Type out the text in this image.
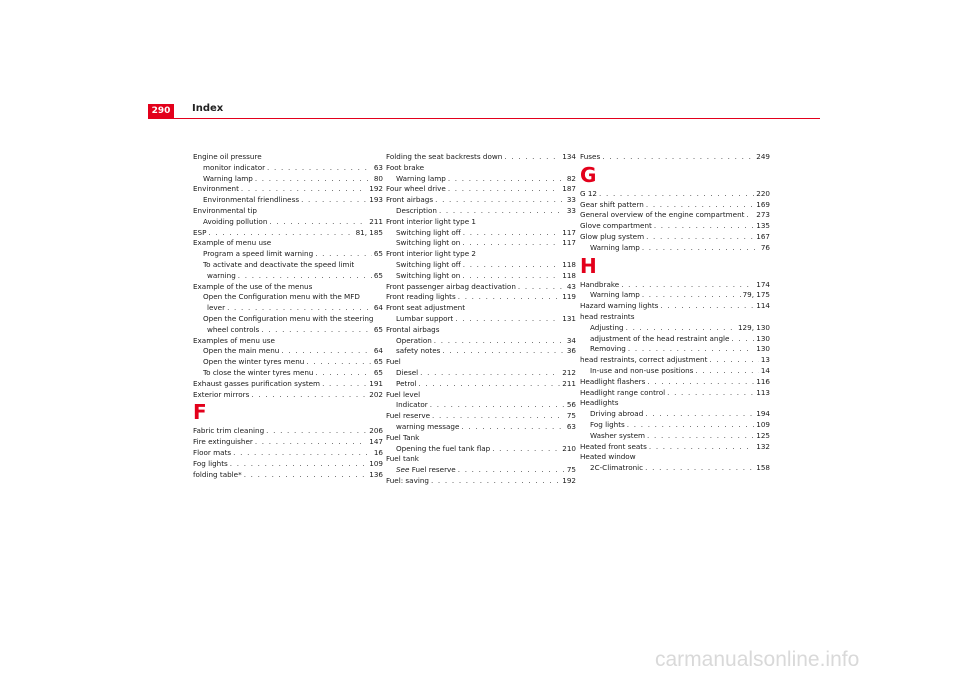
290	Index
Engine oil pressure
monitor indicator . . .	63
Warning lamp . . .	80
Environment . . .	192
Environmental friendliness . . .	193
Environmental tip
Avoiding pollution . . .	211
ESP . . .	81, 185
Example of menu use
Program a speed limit warning . . .	65
To activate and deactivate the speed limit
warning . . .	65
Example of the use of the menus
Open the Configuration menu with the MFD
lever . . .	64
Open the Configuration menu with the steering
wheel controls . . .	65
Examples of menu use
Open the main menu . . .	64
Open the winter tyres menu . . .	65
To close the winter tyres menu . . .	65
Exhaust gasses purification system . . .	191
Exterior mirrors . . .	202
F
Fabric trim cleaning . . .	206
Fire extinguisher . . .	147
Floor mats . . .	16
Fog lights . . .	109
folding table* . . .	136
Folding the seat backrests down . . .	134
Foot brake
Warning lamp . . .	82
Four wheel drive . . .	187
Front airbags . . .	33
Description . . .	33
Front interior light type 1
Switching light off . . .	117
Switching light on . . .	117
Front interior light type 2
Switching light off . . .	118
Switching light on . . .	118
Front passenger airbag deactivation . . .	43
Front reading lights . . .	119
Front seat adjustment
Lumbar support . . .	131
Frontal airbags
Operation . . .	34
safety notes . . .	36
Fuel
Diesel . . .	212
Petrol . . .	211
Fuel level
Indicator . . .	56
Fuel reserve . . .	75
warning message . . .	63
Fuel Tank
Opening the fuel tank flap . . .	210
Fuel tank
See Fuel reserve . . .	75
Fuel: saving . . .	192
Fuses . . .	249
G
G 12 . . .	220
Gear shift pattern . . .	169
General overview of the engine compartment . . . 273
Glove compartment . . .	135
Glow plug system . . .	167
Warning lamp . . .	76
H
Handbrake . . .	174
Warning lamp . . .	79, 175
Hazard warning lights . . .	114
head restraints
Adjusting . . .	129, 130
adjustment of the head restraint angle . . .	130
Removing . . .	130
head restraints, correct adjustment . . .	13
In-use and non-use positions . . .	14
Headlight flashers . . .	116
Headlight range control . . .	113
Headlights
Driving abroad . . .	194
Fog lights . . .	109
Washer system . . .	125
Heated front seats . . .	132
Heated window
2C-Climatronic . . .	158
carmanualsonline.info
